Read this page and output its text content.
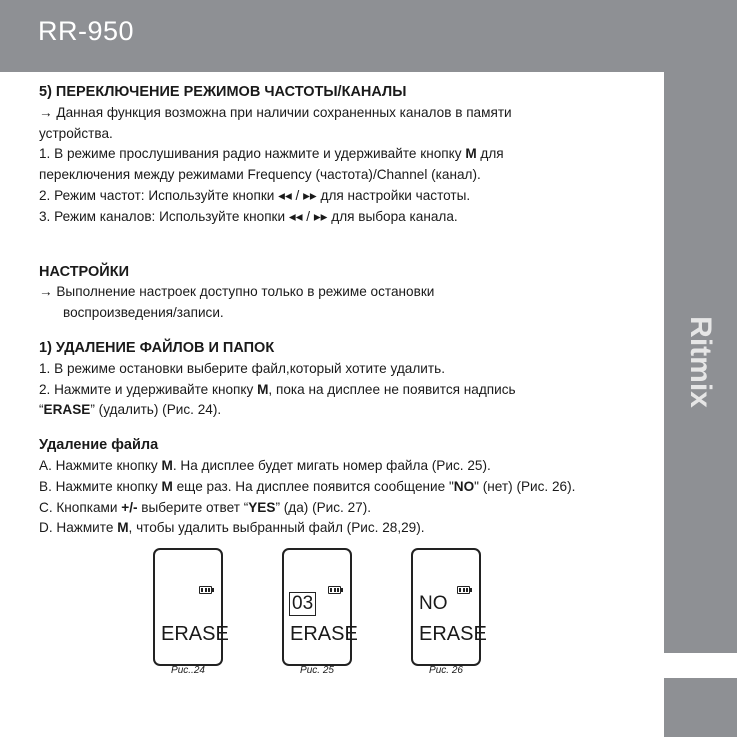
RR-950
Ritmix
5) ПЕРЕКЛЮЧЕНИЕ РЕЖИМОВ ЧАСТОТЫ/КАНАЛЫ
→ Данная функция возможна при наличии сохраненных каналов в памяти
устройства.
1. В режиме прослушивания радио нажмите и удерживайте кнопку M для
переключения между режимами Frequency (частота)/Channel (канал).
2. Режим частот: Используйте кнопки ◂◂ / ▸▸ для настройки частоты.
3. Режим каналов: Используйте кнопки ◂◂ / ▸▸ для выбора канала.
НАСТРОЙКИ
→ Выполнение настроек доступно только в режиме остановки
воспроизведения/записи.
1) УДАЛЕНИЕ ФАЙЛОВ И ПАПОК
1. В режиме остановки выберите файл,который хотите удалить.
2. Нажмите и удерживайте кнопку M, пока на дисплее не появится надпись
“ERASE” (удалить) (Рис. 24).
Удаление файла
A. Нажмите кнопку M. На дисплее будет мигать номер файла (Рис. 25).
B. Нажмите кнопку M еще раз. На дисплее появится сообщение "NO" (нет) (Рис. 26).
C. Кнопками +/- выберите ответ “YES” (да) (Рис. 27).
D. Нажмите M, чтобы удалить выбранный файл (Рис. 28,29).
ERASE
Рис..24
03
ERASE
Рис. 25
NO
ERASE
Рис. 26
